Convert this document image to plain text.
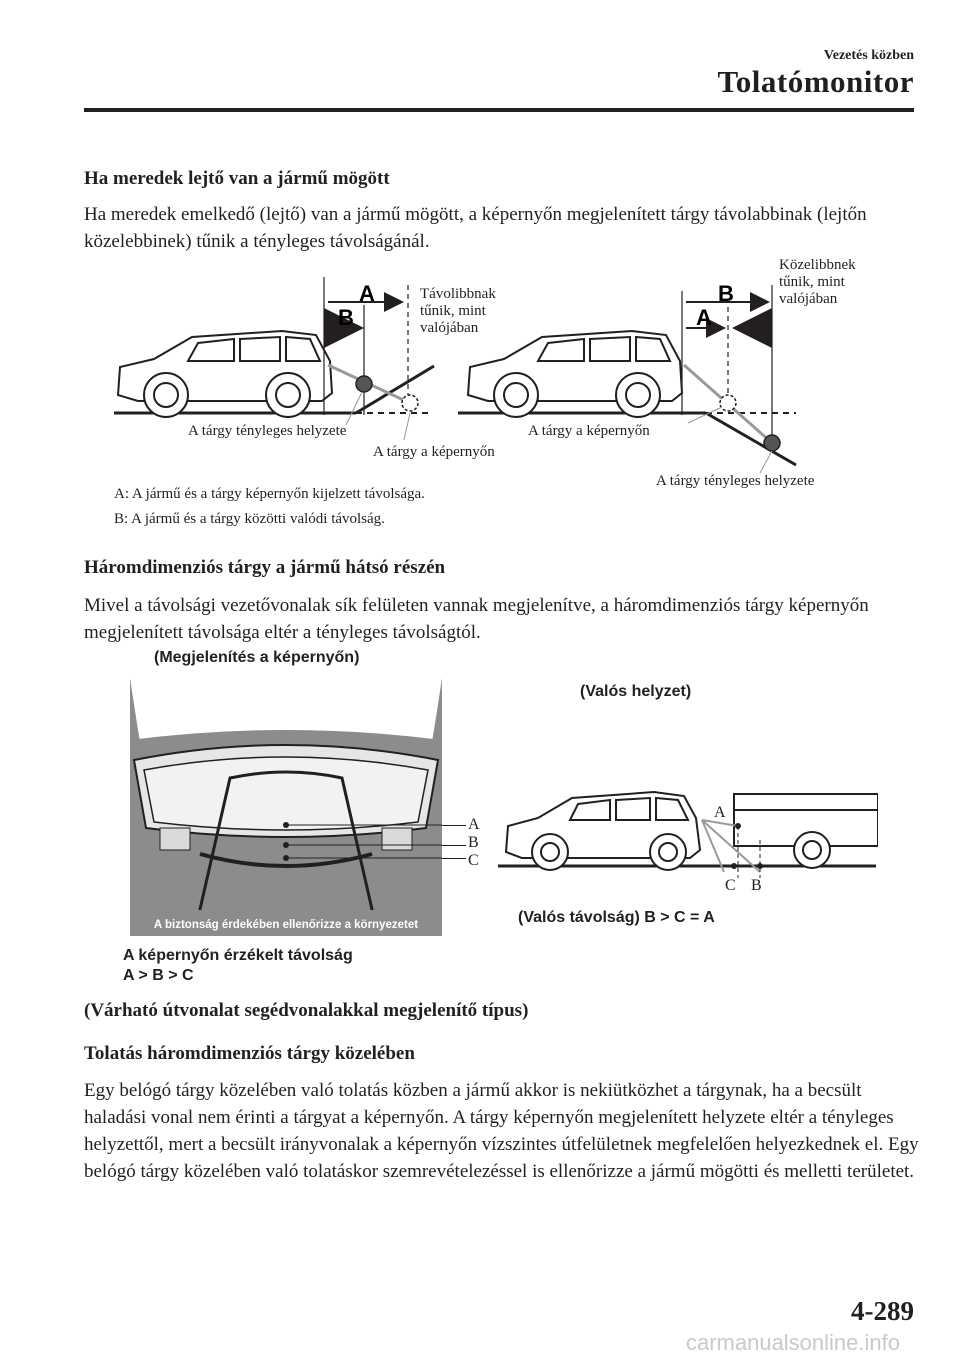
Vezetés közben
Tolatómonitor
Ha meredek lejtő van a jármű mögött
Ha meredek emelkedő (lejtő) van a jármű mögött, a képernyőn megjelenített tárgy távolabbinak (lejtőn közelebbinek) tűnik a tényleges távolságánál.
A
B
B
A
Távolibbnak
tűnik, mint
valójában
Közelibbnek
tűnik, mint
valójában
A tárgy tényleges helyzete
A tárgy a képernyőn
A tárgy a képernyőn
A tárgy tényleges helyzete
A: A jármű és a tárgy képernyőn kijelzett távolsága.
B: A jármű és a tárgy közötti valódi távolság.
Háromdimenziós tárgy a jármű hátsó részén
Mivel a távolsági vezetővonalak sík felületen vannak megjelenítve, a háromdimenziós tárgy képernyőn megjelenített távolsága eltér a tényleges távolságtól.
(Megjelenítés a képernyőn)
(Valós helyzet)
A biztonság érdekében ellenőrizze a környezetet
A
B
C
A
C B
(Valós távolság) B > C = A
A képernyőn érzékelt távolság
A > B > C
(Várható útvonalat segédvonalakkal megjelenítő típus)
Tolatás háromdimenziós tárgy közelében
Egy belógó tárgy közelében való tolatás közben a jármű akkor is nekiütközhet a tárgynak, ha a becsült haladási vonal nem érinti a tárgyat a képernyőn. A tárgy képernyőn megjelenített helyzete eltér a tényleges helyzettől, mert a becsült irányvonalak a képernyőn vízszintes útfelületnek megfelelően helyezkednek el. Egy belógó tárgy közelében való tolatáskor szemrevételezéssel is ellenőrizze a jármű mögötti és melletti területet.
4-289
carmanualsonline.info
